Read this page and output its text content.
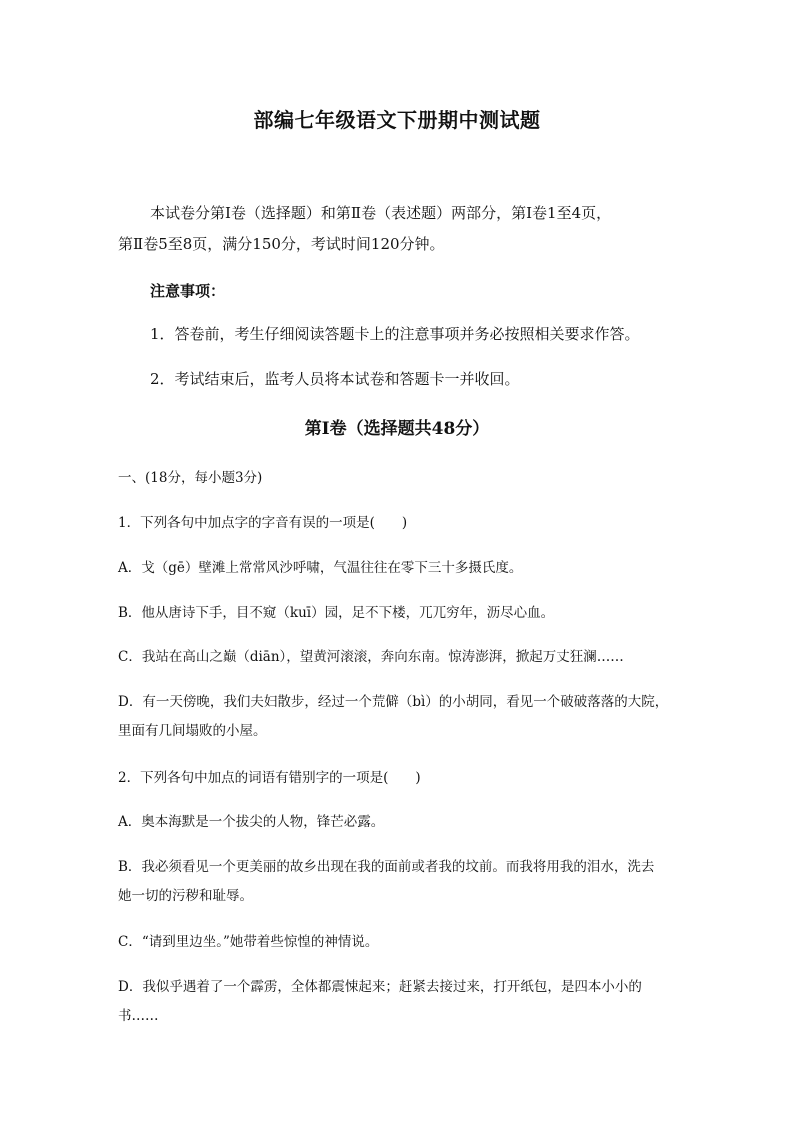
部编七年级语文下册期中测试题
本试卷分第Ⅰ卷（选择题）和第Ⅱ卷（表述题）两部分，第Ⅰ卷1至4页，
第Ⅱ卷5至8页，满分150分，考试时间120分钟。
注意事项：
1．答卷前，考生仔细阅读答题卡上的注意事项并务必按照相关要求作答。
2．考试结束后，监考人员将本试卷和答题卡一并收回。
第Ⅰ卷（选择题共48分）
一、(18分，每小题3分)
1．下列各句中加点字的字音有误的一项是(　　)
A．戈（gē）壁滩上常常风沙呼啸，气温往往在零下三十多摄氏度。
B．他从唐诗下手，目不窥（kuī）园，足不下楼，兀兀穷年，沥尽心血。
C．我站在高山之巅（diān），望黄河滚滚，奔向东南。惊涛澎湃，掀起万丈狂澜……
D．有一天傍晚，我们夫妇散步，经过一个荒僻（bì）的小胡同，看见一个破破落落的大院，
里面有几间塌败的小屋。
2．下列各句中加点的词语有错别字的一项是(　　)
A．奥本海默是一个拔尖的人物，锋芒必露。
B．我必须看见一个更美丽的故乡出现在我的面前或者我的坟前。而我将用我的泪水，洗去
她一切的污秽和耻辱。
C．“请到里边坐。”她带着些惊惶的神情说。
D．我似乎遇着了一个霹雳，全体都震悚起来；赶紧去接过来，打开纸包，是四本小小的
书……
